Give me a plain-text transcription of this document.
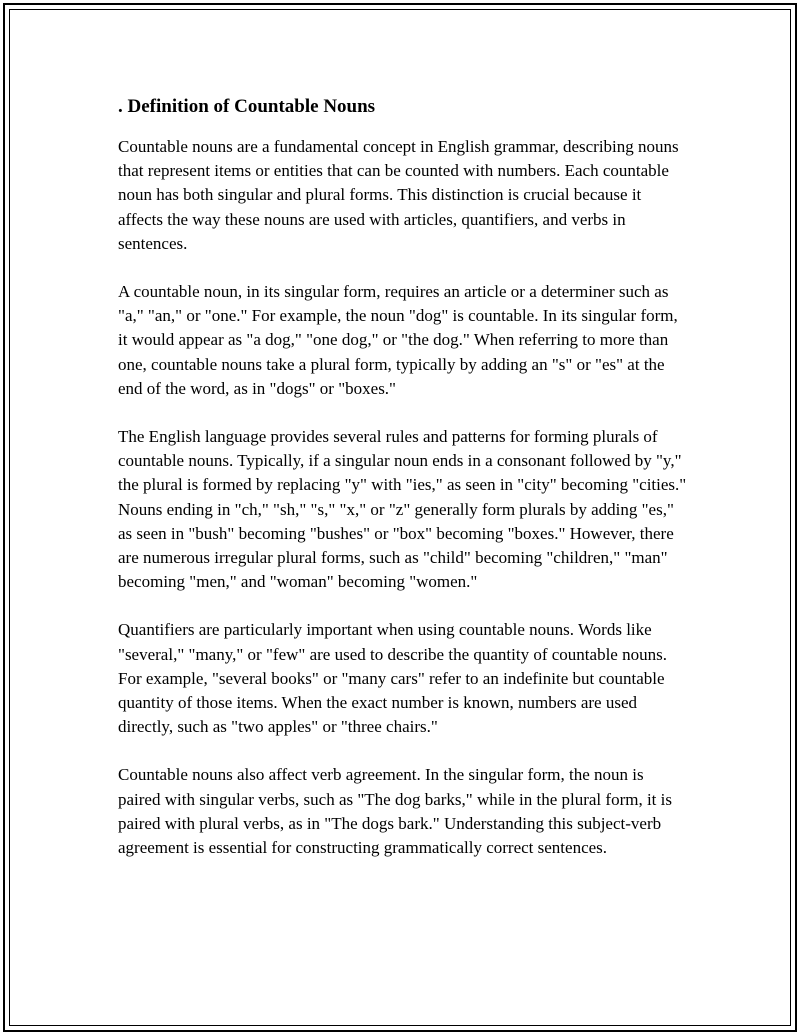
. Definition of Countable Nouns

Countable nouns are a fundamental concept in English grammar, describing nouns that represent items or entities that can be counted with numbers. Each countable noun has both singular and plural forms. This distinction is crucial because it affects the way these nouns are used with articles, quantifiers, and verbs in sentences.

A countable noun, in its singular form, requires an article or a determiner such as "a," "an," or "one." For example, the noun "dog" is countable. In its singular form, it would appear as "a dog," "one dog," or "the dog." When referring to more than one, countable nouns take a plural form, typically by adding an "s" or "es" at the end of the word, as in "dogs" or "boxes."

The English language provides several rules and patterns for forming plurals of countable nouns. Typically, if a singular noun ends in a consonant followed by "y," the plural is formed by replacing "y" with "ies," as seen in "city" becoming "cities." Nouns ending in "ch," "sh," "s," "x," or "z" generally form plurals by adding "es," as seen in "bush" becoming "bushes" or "box" becoming "boxes." However, there are numerous irregular plural forms, such as "child" becoming "children," "man" becoming "men," and "woman" becoming "women."

Quantifiers are particularly important when using countable nouns. Words like "several," "many," or "few" are used to describe the quantity of countable nouns. For example, "several books" or "many cars" refer to an indefinite but countable quantity of those items. When the exact number is known, numbers are used directly, such as "two apples" or "three chairs."

Countable nouns also affect verb agreement. In the singular form, the noun is paired with singular verbs, such as "The dog barks," while in the plural form, it is paired with plural verbs, as in "The dogs bark." Understanding this subject-verb agreement is essential for constructing grammatically correct sentences.
